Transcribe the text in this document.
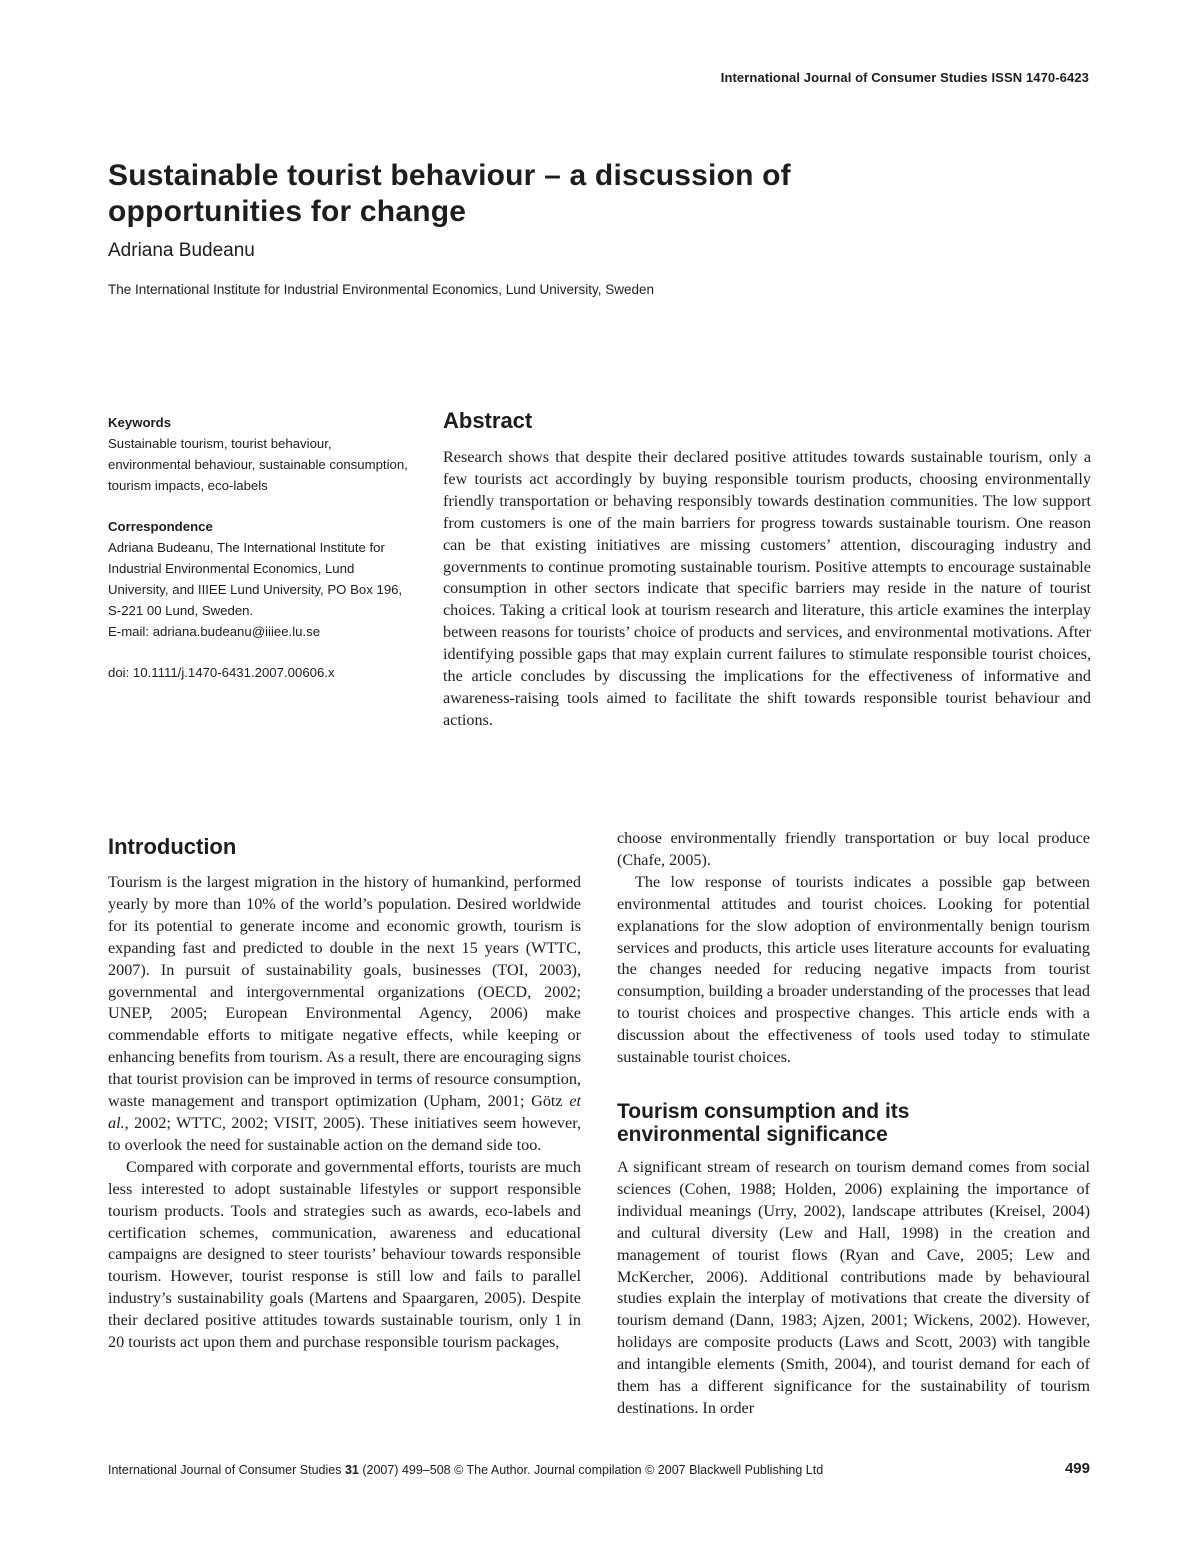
International Journal of Consumer Studies ISSN 1470-6423
Sustainable tourist behaviour – a discussion of
opportunities for change
Adriana Budeanu
The International Institute for Industrial Environmental Economics, Lund University, Sweden
Keywords
Sustainable tourism, tourist behaviour, environmental behaviour, sustainable consumption, tourism impacts, eco-labels
Correspondence
Adriana Budeanu, The International Institute for Industrial Environmental Economics, Lund University, and IIIEE Lund University, PO Box 196, S-221 00 Lund, Sweden.
E-mail: adriana.budeanu@iiiee.lu.se
doi: 10.1111/j.1470-6431.2007.00606.x
Abstract
Research shows that despite their declared positive attitudes towards sustainable tourism, only a few tourists act accordingly by buying responsible tourism products, choosing environmentally friendly transportation or behaving responsibly towards destination communities. The low support from customers is one of the main barriers for progress towards sustainable tourism. One reason can be that existing initiatives are missing customers’ attention, discouraging industry and governments to continue promoting sustainable tourism. Positive attempts to encourage sustainable consumption in other sectors indicate that specific barriers may reside in the nature of tourist choices. Taking a critical look at tourism research and literature, this article examines the interplay between reasons for tourists’ choice of products and services, and environmental motivations. After identifying possible gaps that may explain current failures to stimulate responsible tourist choices, the article concludes by discussing the implications for the effectiveness of informative and awareness-raising tools aimed to facilitate the shift towards responsible tourist behaviour and actions.
Introduction

Tourism is the largest migration in the history of humankind, performed yearly by more than 10% of the world’s population. Desired worldwide for its potential to generate income and economic growth, tourism is expanding fast and predicted to double in the next 15 years (WTTC, 2007). In pursuit of sustainability goals, businesses (TOI, 2003), governmental and intergovernmental organizations (OECD, 2002; UNEP, 2005; European Environmental Agency, 2006) make commendable efforts to mitigate negative effects, while keeping or enhancing benefits from tourism. As a result, there are encouraging signs that tourist provision can be improved in terms of resource consumption, waste management and transport optimization (Upham, 2001; Götz et al., 2002; WTTC, 2002; VISIT, 2005). These initiatives seem however, to overlook the need for sustainable action on the demand side too.

Compared with corporate and governmental efforts, tourists are much less interested to adopt sustainable lifestyles or support responsible tourism products. Tools and strategies such as awards, eco-labels and certification schemes, communication, awareness and educational campaigns are designed to steer tourists’ behaviour towards responsible tourism. However, tourist response is still low and fails to parallel industry’s sustainability goals (Martens and Spaargaren, 2005). Despite their declared positive attitudes towards sustainable tourism, only 1 in 20 tourists act upon them and purchase responsible tourism packages,

choose environmentally friendly transportation or buy local produce (Chafe, 2005).

The low response of tourists indicates a possible gap between environmental attitudes and tourist choices. Looking for potential explanations for the slow adoption of environmentally benign tourism services and products, this article uses literature accounts for evaluating the changes needed for reducing negative impacts from tourist consumption, building a broader understanding of the processes that lead to tourist choices and prospective changes. This article ends with a discussion about the effectiveness of tools used today to stimulate sustainable tourist choices.

Tourism consumption and its
environmental significance

A significant stream of research on tourism demand comes from social sciences (Cohen, 1988; Holden, 2006) explaining the importance of individual meanings (Urry, 2002), landscape attributes (Kreisel, 2004) and cultural diversity (Lew and Hall, 1998) in the creation and management of tourist flows (Ryan and Cave, 2005; Lew and McKercher, 2006). Additional contributions made by behavioural studies explain the interplay of motivations that create the diversity of tourism demand (Dann, 1983; Ajzen, 2001; Wickens, 2002). However, holidays are composite products (Laws and Scott, 2003) with tangible and intangible elements (Smith, 2004), and tourist demand for each of them has a different significance for the sustainability of tourism destinations. In order

International Journal of Consumer Studies 31 (2007) 499–508 © The Author. Journal compilation © 2007 Blackwell Publishing Ltd	499
